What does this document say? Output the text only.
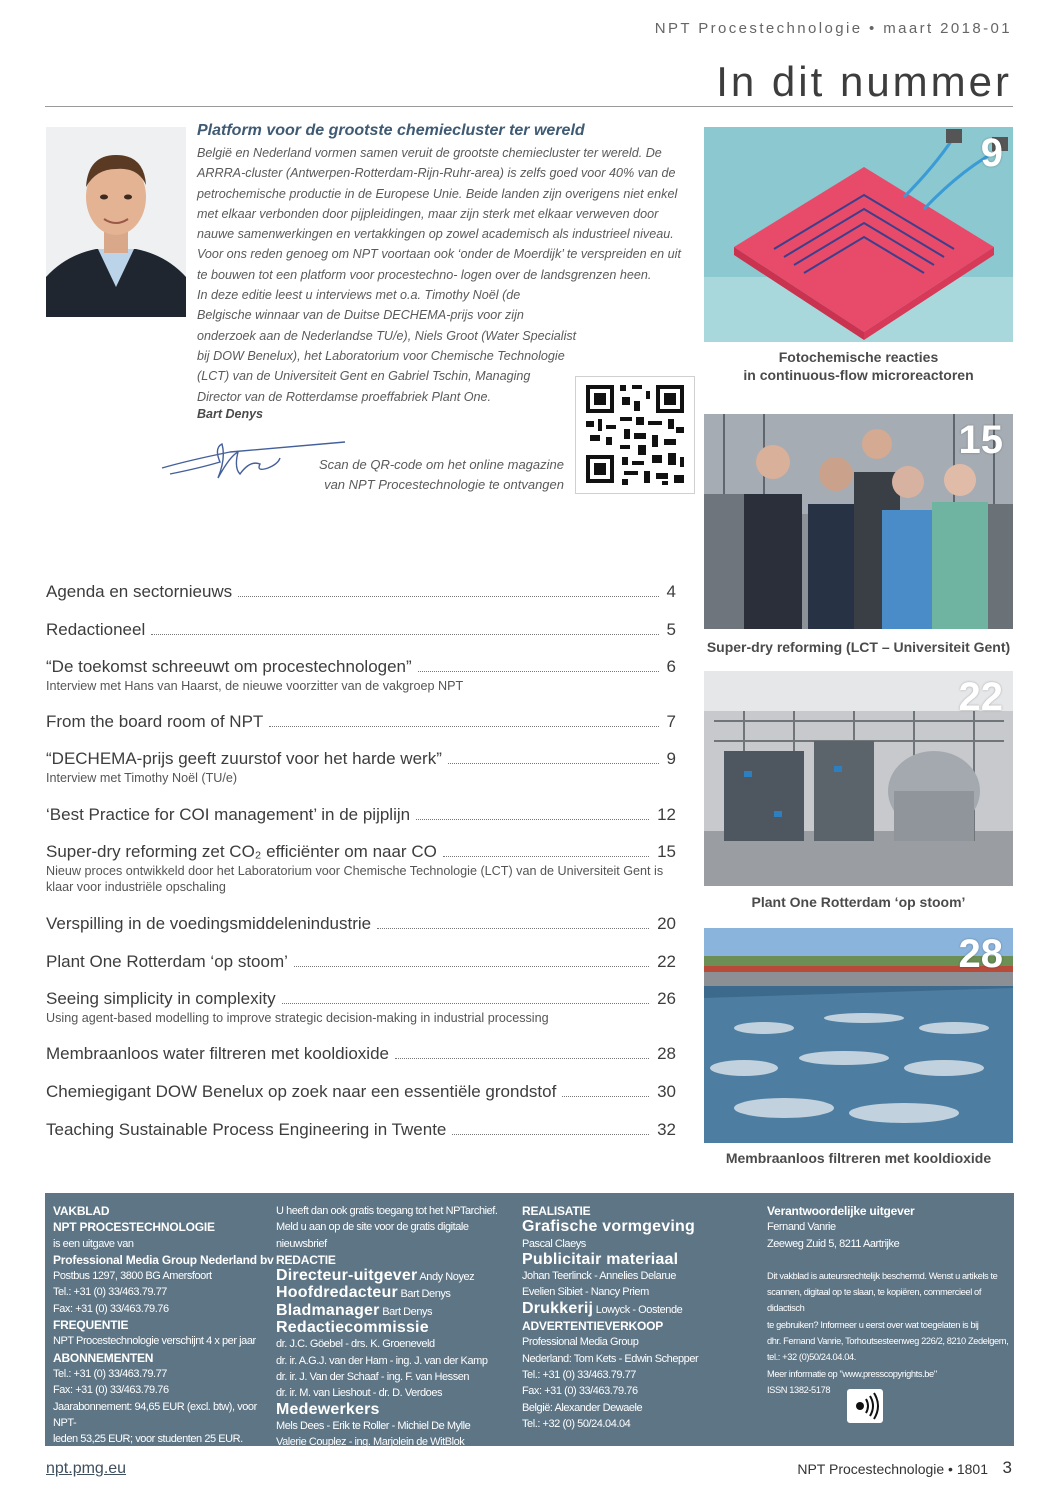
NPT Procestechnologie • maart 2018-01
In dit nummer
Platform voor de grootste chemiecluster ter wereld

België en Nederland vormen samen veruit de grootste chemiecluster ter wereld. De ARRRA-cluster (Antwerpen-Rotterdam-Rijn-Ruhr-area) is zelfs goed voor 40% van de petrochemische productie in de Europese Unie. Beide landen zijn overigens niet enkel met elkaar verbonden door pijpleidingen, maar zijn sterk met elkaar verweven door nauwe samenwerkingen en vertakkingen op zowel academisch als industrieel niveau. Voor ons reden genoeg om NPT voortaan ook ‘onder de Moerdijk’ te verspreiden en uit te bouwen tot een platform voor procestechno- logen over de landsgrenzen heen.

In deze editie leest u interviews met o.a. Timothy Noël (de Belgische winnaar van de Duitse DECHEMA-prijs voor zijn onderzoek aan de Nederlandse TU/e), Niels Groot (Water Specialist bij DOW Benelux), het Laboratorium voor Chemische Technologie (LCT) van de Universiteit Gent en Gabriel Tschin, Managing Director van de Rotterdamse proeffabriek Plant One.

Bart Denys
Scan de QR-code om het online magazine
van NPT Procestechnologie te ontvangen
9
Fotochemische reacties
in continuous-flow microreactoren
15
Super-dry reforming (LCT – Universiteit Gent)
22
Plant One Rotterdam ‘op stoom’
28
Membraanloos filtreren met kooldioxide
Agenda en sectornieuws	4
Redactioneel	5
“De toekomst schreeuwt om procestechnologen”	6
Interview met Hans van Haarst, de nieuwe voorzitter van de vakgroep NPT
From the board room of NPT	7
“DECHEMA-prijs geeft zuurstof voor het harde werk”	9
Interview met Timothy Noël (TU/e)
‘Best Practice for COI management’ in de pijplijn	12
Super-dry reforming zet CO₂ efficiënter om naar CO	15
Nieuw proces ontwikkeld door het Laboratorium voor Chemische Technologie (LCT) van de Universiteit Gent is klaar voor industriële opschaling
Verspilling in de voedingsmiddelenindustrie	20
Plant One Rotterdam ‘op stoom’	22
Seeing simplicity in complexity	26
Using agent-based modelling to improve strategic decision-making in industrial processing
Membraanloos water filtreren met kooldioxide	28
Chemiegigant DOW Benelux op zoek naar een essentiële grondstof	30
Teaching Sustainable Process Engineering in Twente	32
VAKBLAD
NPT PROCESTECHNOLOGIE
is een uitgave van
Professional Media Group Nederland bv
Postbus 1297, 3800 BG Amersfoort
Tel.: +31 (0) 33/463.79.77
Fax: +31 (0) 33/463.79.76
FREQUENTIE
NPT Procestechnologie verschijnt 4 x per jaar
ABONNEMENTEN
Tel.: +31 (0) 33/463.79.77
Fax: +31 (0) 33/463.79.76
Jaarabonnement: 94,65 EUR (excl. btw), voor NPT-
leden 53,25 EUR; voor studenten 25 EUR.
U heeft dan ook gratis toegang tot het NPTarchief.
Meld u aan op de site voor de gratis digitale nieuwsbrief
REDACTIE
Directeur-uitgever Andy Noyez
Hoofdredacteur Bart Denys
Bladmanager Bart Denys
Redactiecommissie
dr. J.C. Göebel - drs. K. Groeneveld
dr. ir. A.G.J. van der Ham - ing. J. van der Kamp
dr. ir. J. Van der Schaaf - ing. F. van Hessen
dr. ir. M. van Lieshout - dr. D. Verdoes
Medewerkers
Mels Dees - Erik te Roller - Michiel De Mylle
Valerie Couplez - ing. Marjolein de WitBlok
REALISATIE
Grafische vormgeving
Pascal Claeys
Publicitair materiaal
Johan Teerlinck - Annelies Delarue
Evelien Sibiet - Nancy Priem
Drukkerij Lowyck - Oostende
ADVERTENTIEVERKOOP
Professional Media Group
Nederland: Tom Kets - Edwin Schepper
Tel.: +31 (0) 33/463.79.77
Fax: +31 (0) 33/463.79.76
België: Alexander Dewaele
Tel.: +32 (0) 50/24.04.04
Verantwoordelijke uitgever
Fernand Vanrie
Zeeweg Zuid 5, 8211 Aartrijke
Dit vakblad is auteursrechtelijk beschermd. Wenst u artikels te
scannen, digitaal op te slaan, te kopiëren, commercieel of didactisch
te gebruiken? Informeer u eerst over wat toegelaten is bij
dhr. Fernand Vanrie, Torhoutsesteenweg 226/2, 8210 Zedelgem,
tel.: +32 (0)50/24.04.04.
Meer informatie op "www.presscopyrights.be"
ISSN 1382-5178
npt.pmg.eu	NPT Procestechnologie • 1801 3
